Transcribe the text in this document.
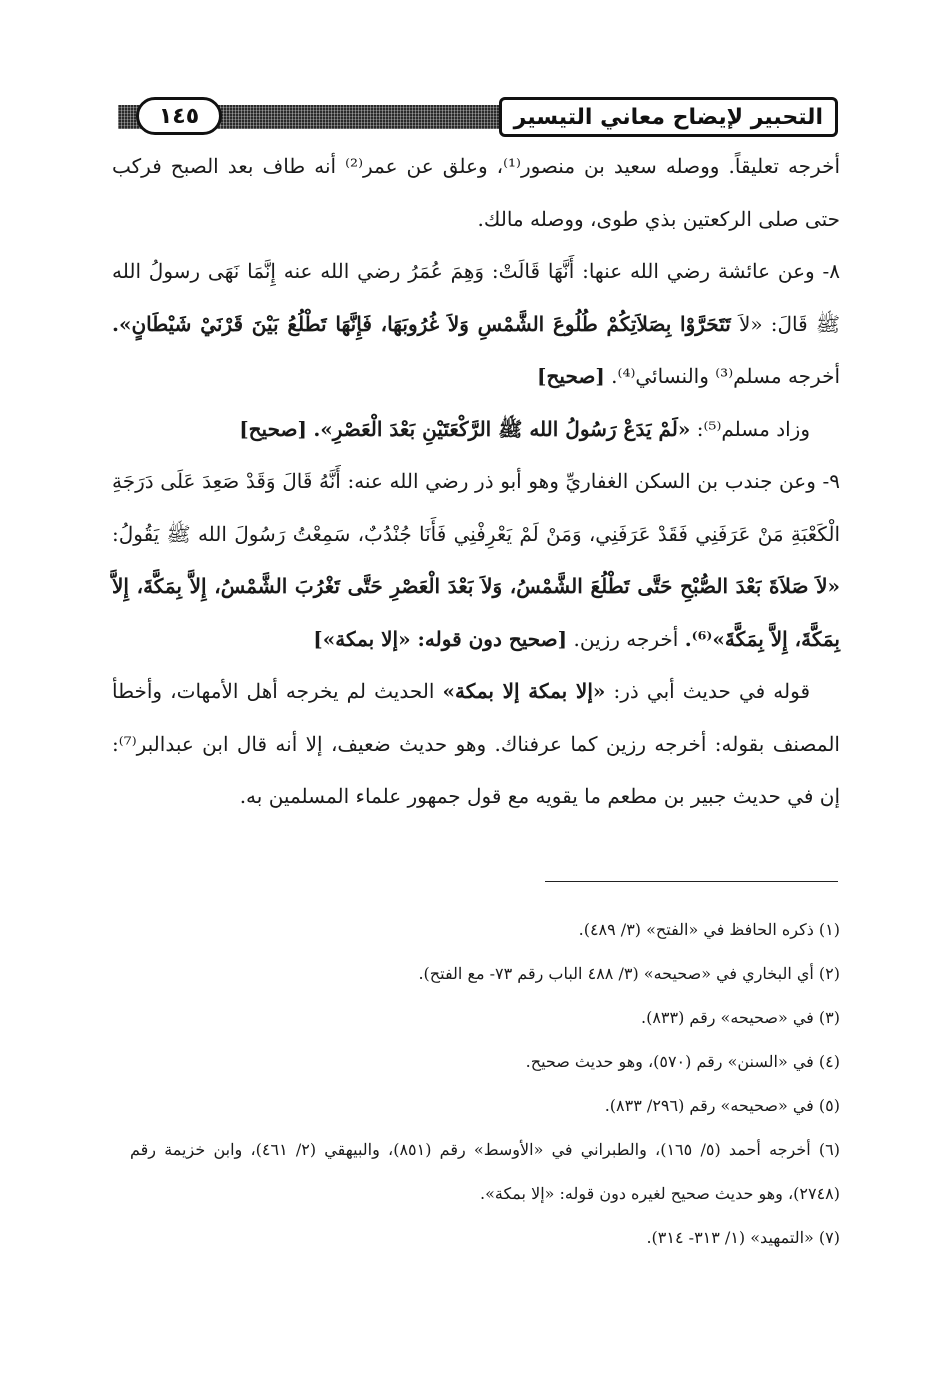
١٤٥	التحبير لإيضاح معاني التيسير

أخرجه تعليقاً. ووصله سعيد بن منصور⁽¹⁾، وعلق عن عمر⁽²⁾ أنه طاف بعد الصبح فركب حتى صلى الركعتين بذي طوى، ووصله مالك.

٨- وعن عائشة رضي الله عنها: أَنَّهَا قَالَتْ: وَهِمَ عُمَرُ رضي الله عنه إِنَّمَا نَهَى رسولُ الله ﷺ قَالَ: «لاَ تَتَحَرَّوْا بِصَلاَتِكُمْ طُلُوعَ الشَّمْسِ وَلاَ غُرُوبَهَا، فَإِنَّهَا تَطْلُعُ بَيْنَ قَرْنَيْ شَيْطَانٍ». أخرجه مسلم⁽³⁾ والنسائي⁽⁴⁾. [صحيح]

وزاد مسلم⁽⁵⁾: «لَمْ يَدَعْ رَسُولُ الله ﷺ الرَّكْعَتَيْنِ بَعْدَ الْعَصْرِ». [صحيح]

٩- وعن جندب بن السكن الغفاريِّ وهو أبو ذر رضي الله عنه: أَنَّهُ قَالَ وَقَدْ صَعِدَ عَلَى دَرَجَةِ الْكَعْبَةِ مَنْ عَرَفَنِي فَقَدْ عَرَفَنِي، وَمَنْ لَمْ يَعْرِفْنِي فَأَنَا جُنْدُبٌ، سَمِعْتُ رَسُولَ الله ﷺ يَقُولُ: «لاَ صَلاَةَ بَعْدَ الصُّبْحِ حَتَّى تَطْلُعَ الشَّمْسُ، وَلاَ بَعْدَ الْعَصْرِ حَتَّى تَغْرُبَ الشَّمْسُ، إِلاَّ بِمَكَّةَ، إِلاَّ بِمَكَّةَ، إِلاَّ بِمَكَّةَ»⁽⁶⁾. أخرجه رزين. [صحيح دون قوله: «إلا بمكة»]

قوله في حديث أبي ذر: «إلا بمكة إلا بمكة» الحديث لم يخرجه أهل الأمهات، وأخطأ المصنف بقوله: أخرجه رزين كما عرفناك. وهو حديث ضعيف، إلا أنه قال ابن عبدالبر⁽⁷⁾: إن في حديث جبير بن مطعم ما يقويه مع قول جمهور علماء المسلمين به.

(١) ذكره الحافظ في «الفتح» (٣/ ٤٨٩).

(٢) أي البخاري في «صحيحه» (٣/ ٤٨٨ الباب رقم ٧٣- مع الفتح).

(٣) في «صحيحه» رقم (٨٣٣).

(٤) في «السنن» رقم (٥٧٠)، وهو حديث صحيح.

(٥) في «صحيحه» رقم (٢٩٦/ ٨٣٣).

(٦) أخرجه أحمد (٥/ ١٦٥)، والطبراني في «الأوسط» رقم (٨٥١)، والبيهقي (٢/ ٤٦١)، وابن خزيمة رقم (٢٧٤٨)، وهو حديث صحيح لغيره دون قوله: «إلا بمكة».

(٧) «التمهيد» (١/ ٣١٣- ٣١٤).
